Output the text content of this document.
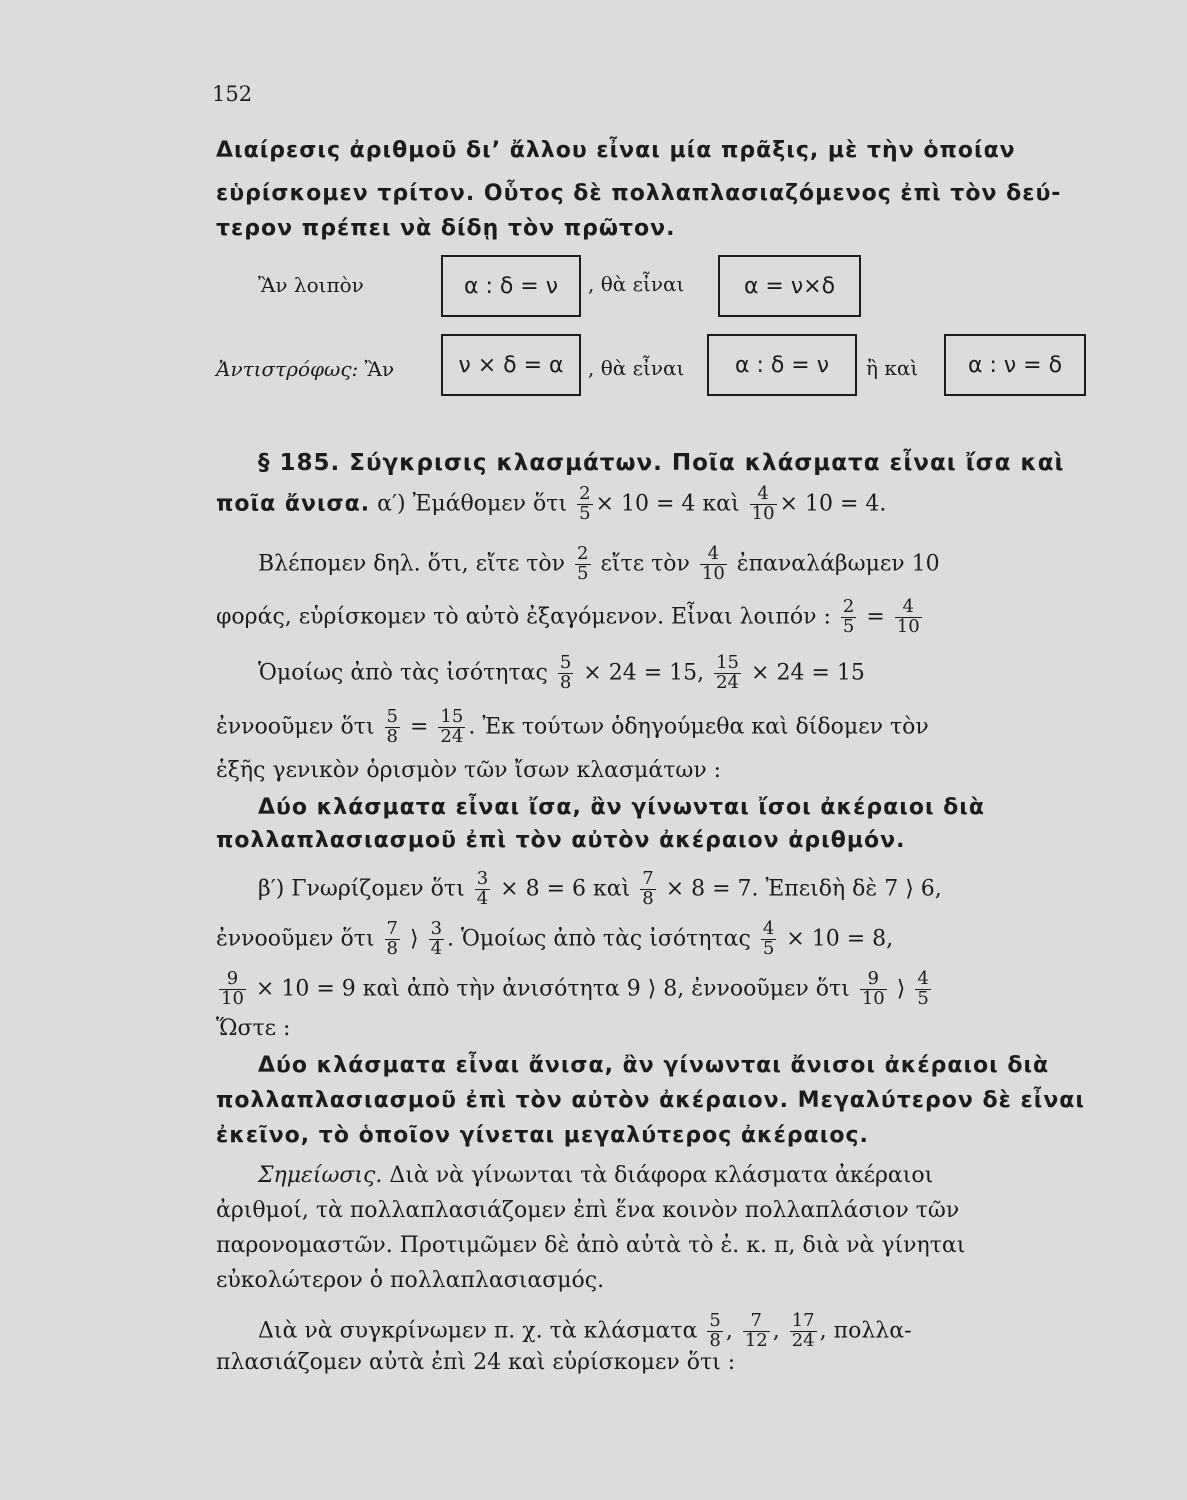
152
Διαίρεσις ἀριθμοῦ δι’ ἄλλου εἶναι μία πρᾶξις, μὲ τὴν ὁποίαν
εὑρίσκομεν τρίτον. Οὗτος δὲ πολλαπλασιαζόμενος ἐπὶ τὸν δεύ-
τερον πρέπει νὰ δίδῃ τὸν πρῶτον.
Ἂν λοιπὸν	α : δ = ν	, θὰ εἶναι	α = ν×δ
Ἀντιστρόφως: Ἂν	ν × δ = α	, θὰ εἶναι	α : δ = ν	ἢ καὶ	α : ν = δ
§ 185. Σύγκρισις κλασμάτων. Ποῖα κλάσματα εἶναι ἴσα καὶ
ποῖα ἄνισα. α′) Ἐμάθομεν ὅτι $\frac{2}{5} \times 10 = 4$ καὶ $\frac{4}{10} \times 10 = 4$.
Βλέπομεν δηλ. ὅτι, εἴτε τὸν $\frac{2}{5}$ εἴτε τὸν $\frac{4}{10}$ ἐπαναλάβωμεν 10
φοράς, εὑρίσκομεν τὸ αὐτὸ ἐξαγόμενον. Εἶναι λοιπόν : $\frac{2}{5} = \frac{4}{10}$
Ὁμοίως ἀπὸ τὰς ἰσότητας $\frac{5}{8} \times 24 = 15$, $\frac{15}{24} \times 24 = 15$
ἐννοοῦμεν ὅτι $\frac{5}{8} = \frac{15}{24}$ . Ἐκ τούτων ὁδηγούμεθα καὶ δίδομεν τὸν
ἑξῆς γενικὸν ὁρισμὸν τῶν ἴσων κλασμάτων :
Δύο κλάσματα εἶναι ἴσα, ἂν γίνωνται ἴσοι ἀκέραιοι διὰ
πολλαπλασιασμοῦ ἐπὶ τὸν αὐτὸν ἀκέραιον ἀριθμόν.
β′) Γνωρίζομεν ὅτι $\frac{3}{4} \times 8 = 6$ καὶ $\frac{7}{8} \times 8 = 7$. Ἐπειδὴ δὲ 7 ⟩ 6,
ἐννοοῦμεν ὅτι $\frac{7}{8}$ ⟩ $\frac{3}{4}$ . Ὁμοίως ἀπὸ τὰς ἰσότητας $\frac{4}{5} \times 10 = 8$,
$\frac{9}{10} \times 10 = 9$ καὶ ἀπὸ τὴν ἀνισότητα 9 ⟩ 8, ἐννοοῦμεν ὅτι $\frac{9}{10}$ ⟩ $\frac{4}{5}$
Ὥστε :
Δύο κλάσματα εἶναι ἄνισα, ἂν γίνωνται ἄνισοι ἀκέραιοι διὰ
πολλαπλασιασμοῦ ἐπὶ τὸν αὐτὸν ἀκέραιον. Μεγαλύτερον δὲ εἶναι
ἐκεῖνο, τὸ ὁποῖον γίνεται μεγαλύτερος ἀκέραιος.
Σημείωσις. Διὰ νὰ γίνωνται τὰ διάφορα κλάσματα ἀκέραιοι
ἀριθμοί, τὰ πολλαπλασιάζομεν ἐπὶ ἕνα κοινὸν πολλαπλάσιον τῶν
παρονομαστῶν. Προτιμῶμεν δὲ ἀπὸ αὐτὰ τὸ ἐ. κ. π, διὰ νὰ γίνηται
εὐκολώτερον ὁ πολλαπλασιασμός.
Διὰ νὰ συγκρίνωμεν π. χ. τὰ κλάσματα $\frac{5}{8}$ , $\frac{7}{12}$ , $\frac{17}{24}$ , πολλα-
πλασιάζομεν αὐτὰ ἐπὶ 24 καὶ εὑρίσκομεν ὅτι :
